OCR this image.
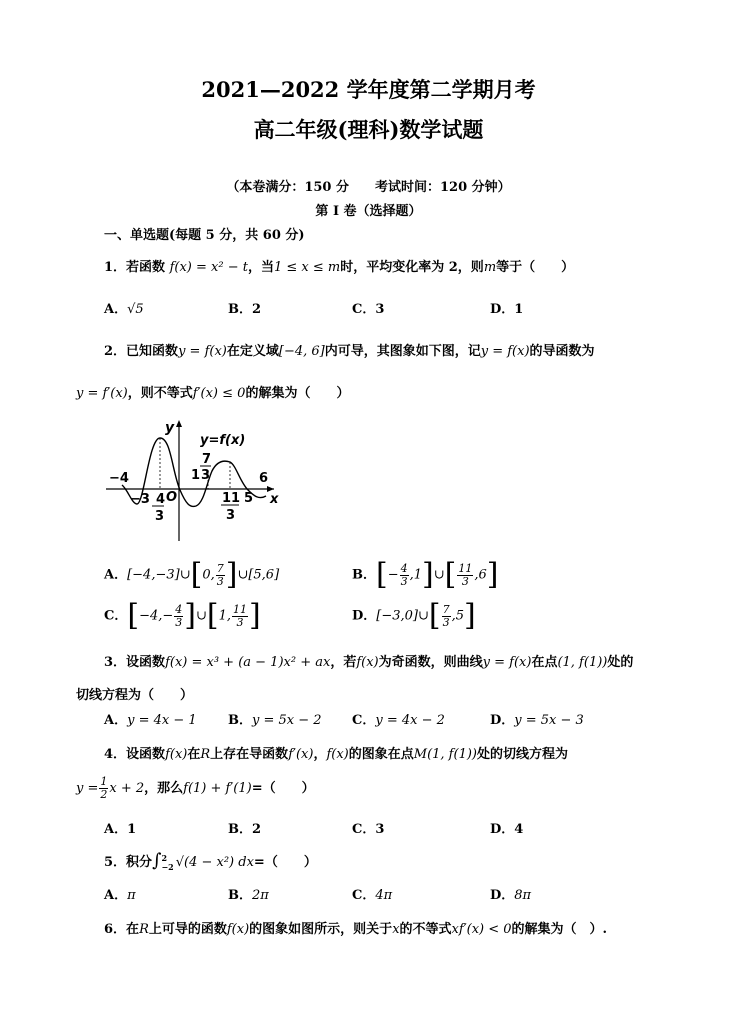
2021—2022 学年度第二学期月考
高二年级(理科)数学试题
（本卷满分：150 分　　考试时间：120 分钟）
第 I 卷（选择题）
一、单选题(每题 5 分，共 60 分)
1．若函数 f(x) = x² − t，当1 ≤ x ≤ m时，平均变化率为 2，则m等于（　　）
A．√5	B．2	C．3	D．1
2．已知函数y = f(x)在定义域[−4, 6]内可导，其图象如下图，记y = f(x)的导函数为
y = f′(x)，则不等式f′(x) ≤ 0的解集为（　　）
y
y=f(x)
−4
−3 4
3
O
1
7
3
11
3
5
6
x
A．[−4,−3]∪[0, $\frac{7}{3}$ ]∪[5,6]	B．[− $\frac{4}{3}$ ,1]∪[ $\frac{11}{3} ,6$]
C．[$-4,- \frac{4}{3}$ ]∪[1, $\frac{11}{3}$ ]	D．[−3,0]∪[ $\frac{7}{3} ,5$]
3．设函数f(x) = x³ + (a − 1)x² + ax，若f(x)为奇函数，则曲线y = f(x)在点(1, f(1))处的
切线方程为（　　）
A．y = 4x − 1 B．y = 5x − 2 C．y = 4x − 2	D．y = 5x − 3
4．设函数f(x)在R上存在导函数f′(x)，f(x)的图象在点M(1, f(1))处的切线方程为
$y = \frac{1}{2}$ x + 2，那么f(1) + f′(1)=（　　）
A．1	B．2	C．3	D．4
5．积分∫ 2
−2 √(4 − x²) dx=（　　）
A．π	B．2π	C．4π	D．8π
6．在R上可导的函数f(x)的图象如图所示，则关于x的不等式xf′(x) < 0的解集为（　）.
